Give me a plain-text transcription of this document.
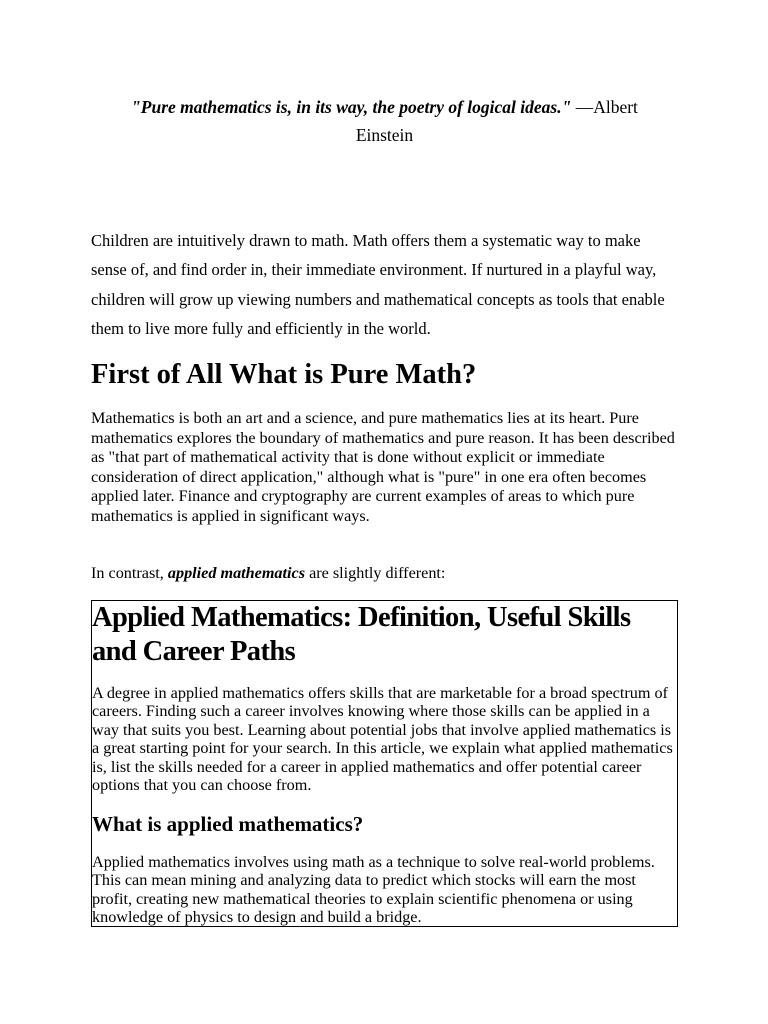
"Pure mathematics is, in its way, the poetry of logical ideas." —Albert
Einstein

Children are intuitively drawn to math. Math offers them a systematic way to make sense of, and find order in, their immediate environment. If nurtured in a playful way, children will grow up viewing numbers and mathematical concepts as tools that enable them to live more fully and efficiently in the world.

First of All What is Pure Math?

Mathematics is both an art and a science, and pure mathematics lies at its heart. Pure mathematics explores the boundary of mathematics and pure reason. It has been described as "that part of mathematical activity that is done without explicit or immediate consideration of direct application," although what is "pure" in one era often becomes applied later. Finance and cryptography are current examples of areas to which pure mathematics is applied in significant ways.

In contrast, applied mathematics are slightly different:

Applied Mathematics: Definition, Useful Skills and Career Paths

A degree in applied mathematics offers skills that are marketable for a broad spectrum of careers. Finding such a career involves knowing where those skills can be applied in a way that suits you best. Learning about potential jobs that involve applied mathematics is a great starting point for your search. In this article, we explain what applied mathematics is, list the skills needed for a career in applied mathematics and offer potential career options that you can choose from.

What is applied mathematics?

Applied mathematics involves using math as a technique to solve real-world problems. This can mean mining and analyzing data to predict which stocks will earn the most profit, creating new mathematical theories to explain scientific phenomena or using knowledge of physics to design and build a bridge.
